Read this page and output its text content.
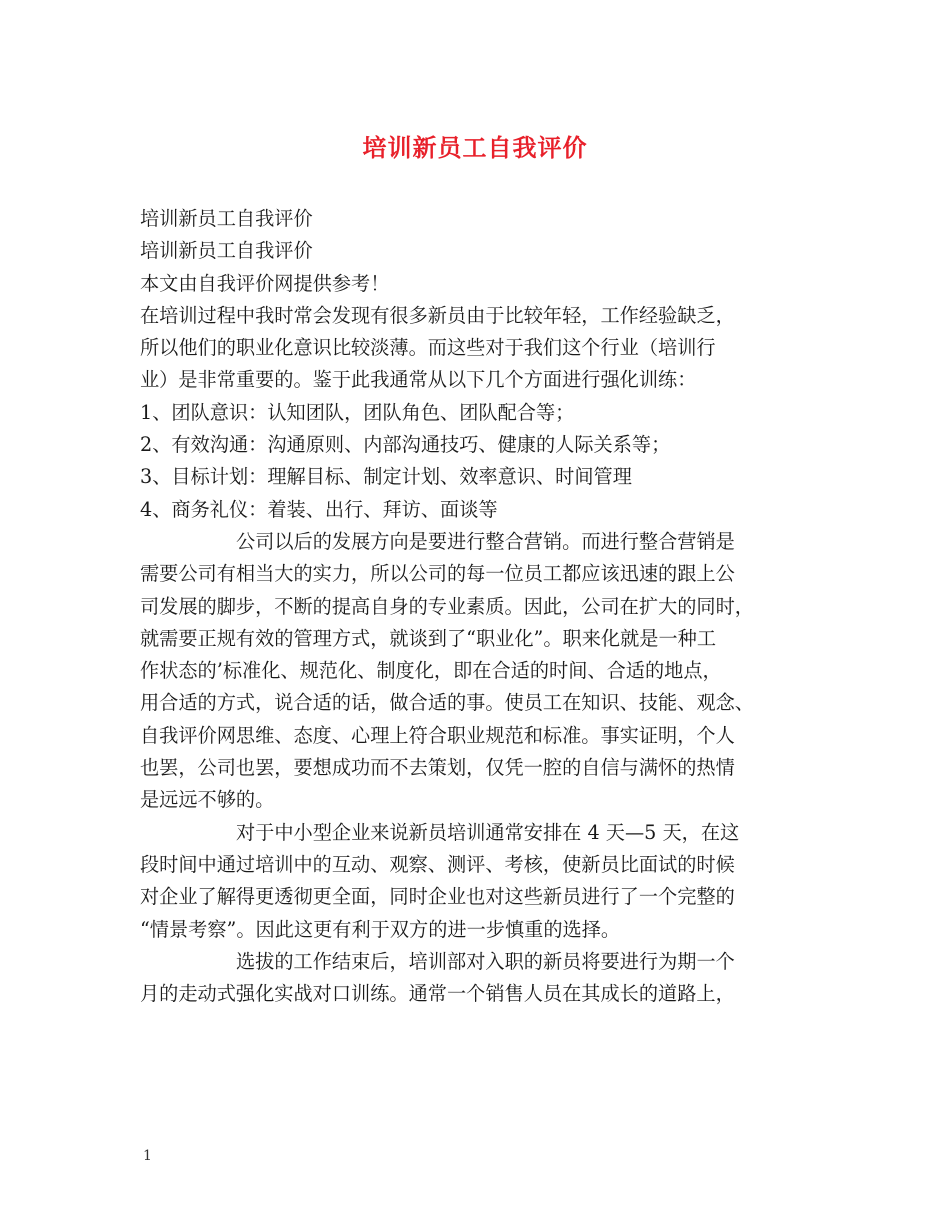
培训新员工自我评价
培训新员工自我评价
培训新员工自我评价
本文由自我评价网提供参考！
在培训过程中我时常会发现有很多新员由于比较年轻，工作经验缺乏，
所以他们的职业化意识比较淡薄。而这些对于我们这个行业（培训行
业）是非常重要的。鉴于此我通常从以下几个方面进行强化训练：
1、团队意识：认知团队，团队角色、团队配合等；
2、有效沟通：沟通原则、内部沟通技巧、健康的人际关系等；
3、目标计划：理解目标、制定计划、效率意识、时间管理
4、商务礼仪：着装、出行、拜访、面谈等
公司以后的发展方向是要进行整合营销。而进行整合营销是
需要公司有相当大的实力，所以公司的每一位员工都应该迅速的跟上公
司发展的脚步，不断的提高自身的专业素质。因此，公司在扩大的同时，
就需要正规有效的管理方式，就谈到了“职业化”。职来化就是一种工
作状态的’标准化、规范化、制度化，即在合适的时间、合适的地点，
用合适的方式，说合适的话，做合适的事。使员工在知识、技能、观念、
自我评价网思维、态度、心理上符合职业规范和标准。事实证明，个人
也罢，公司也罢，要想成功而不去策划，仅凭一腔的自信与满怀的热情
是远远不够的。
对于中小型企业来说新员培训通常安排在 4 天—5 天，在这
段时间中通过培训中的互动、观察、测评、考核，使新员比面试的时候
对企业了解得更透彻更全面，同时企业也对这些新员进行了一个完整的
“情景考察”。因此这更有利于双方的进一步慎重的选择。
选拔的工作结束后，培训部对入职的新员将要进行为期一个
月的走动式强化实战对口训练。通常一个销售人员在其成长的道路上，
1
